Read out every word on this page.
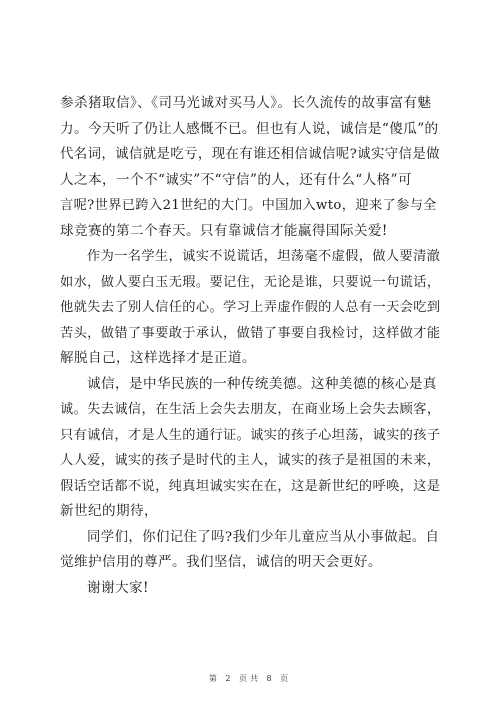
参杀猪取信》、《司马光诚对买马人》。长久流传的故事富有魅
力。今天听了仍让人感慨不已。但也有人说，诚信是“傻瓜”的
代名词，诚信就是吃亏，现在有谁还相信诚信呢?诚实守信是做
人之本，一个不“诚实”不“守信”的人，还有什么“人格”可
言呢?世界已跨入21世纪的大门。中国加入wto，迎来了参与全
球竞赛的第二个春天。只有靠诚信才能赢得国际关爱!

作为一名学生，诚实不说谎话，坦荡毫不虚假，做人要清澈
如水，做人要白玉无瑕。要记住，无论是谁，只要说一句谎话，
他就失去了别人信任的心。学习上弄虚作假的人总有一天会吃到
苦头，做错了事要敢于承认，做错了事要自我检讨，这样做才能
解脱自己，这样选择才是正道。

诚信，是中华民族的一种传统美德。这种美德的核心是真
诚。失去诚信，在生活上会失去朋友，在商业场上会失去顾客，
只有诚信，才是人生的通行证。诚实的孩子心坦荡，诚实的孩子
人人爱，诚实的孩子是时代的主人，诚实的孩子是祖国的未来，
假话空话都不说，纯真坦诚实实在在，这是新世纪的呼唤，这是
新世纪的期待，

同学们，你们记住了吗?我们少年儿童应当从小事做起。自
觉维护信用的尊严。我们坚信，诚信的明天会更好。

谢谢大家!

第 2 页共 8 页
